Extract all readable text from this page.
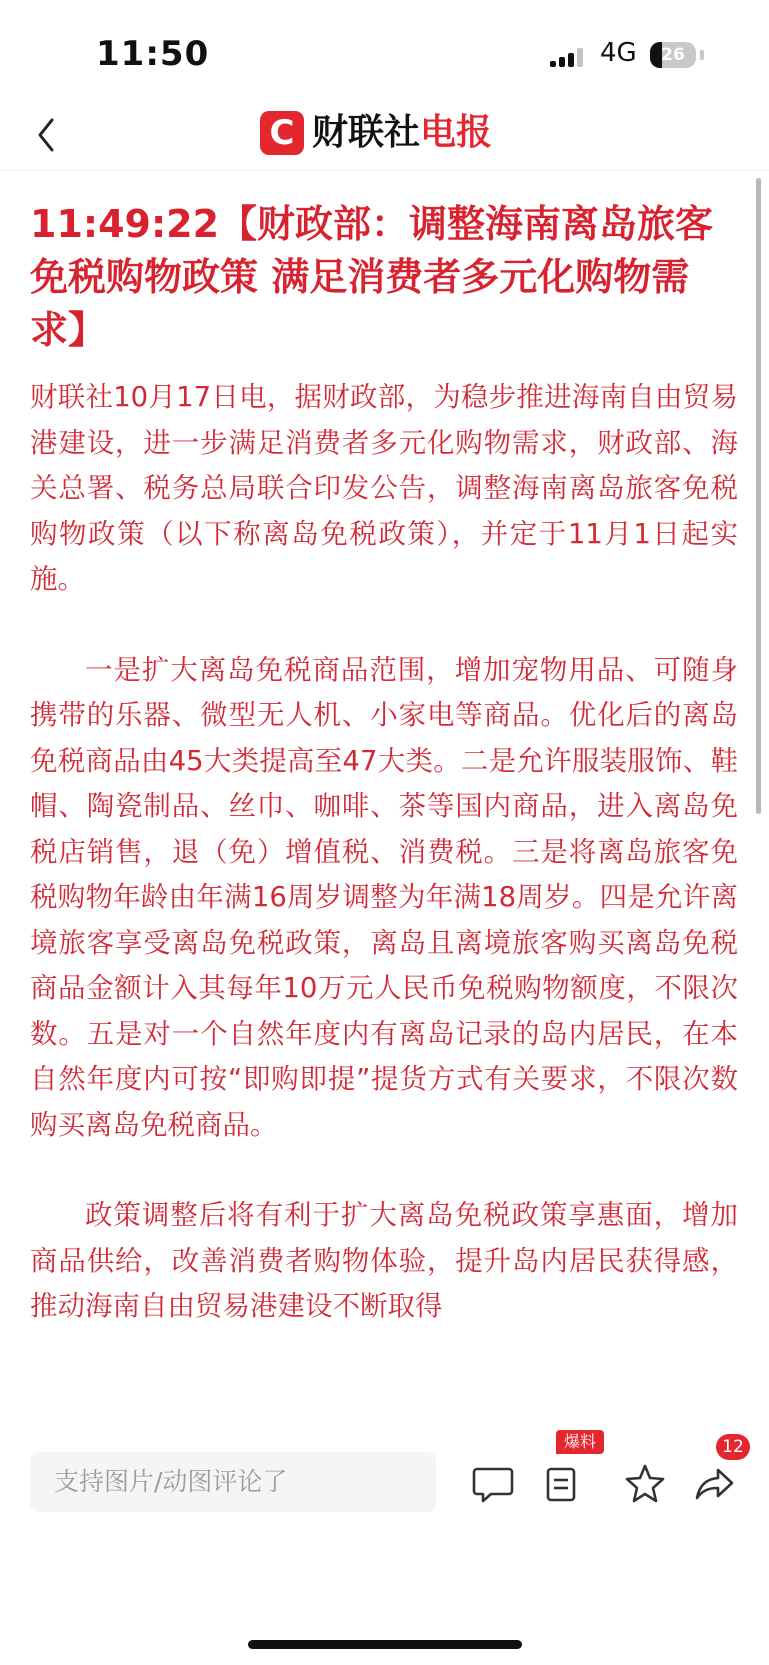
11:50	4G	26
C 财联社电报
11:49:22【财政部：调整海南离岛旅客免税购物政策 满足消费者多元化购物需求】

财联社10月17日电，据财政部，为稳步推进海南自由贸易港建设，进一步满足消费者多元化购物需求，财政部、海关总署、税务总局联合印发公告，调整海南离岛旅客免税购物政策（以下称离岛免税政策），并定于11月1日起实施。

一是扩大离岛免税商品范围，增加宠物用品、可随身携带的乐器、微型无人机、小家电等商品。优化后的离岛免税商品由45大类提高至47大类。二是允许服装服饰、鞋帽、陶瓷制品、丝巾、咖啡、茶等国内商品，进入离岛免税店销售，退（免）增值税、消费税。三是将离岛旅客免税购物年龄由年满16周岁调整为年满18周岁。四是允许离境旅客享受离岛免税政策，离岛且离境旅客购买离岛免税商品金额计入其每年10万元人民币免税购物额度，不限次数。五是对一个自然年度内有离岛记录的岛内居民，在本自然年度内可按“即购即提”提货方式有关要求，不限次数购买离岛免税商品。

政策调整后将有利于扩大离岛免税政策享惠面，增加商品供给，改善消费者购物体验，提升岛内居民获得感，推动海南自由贸易港建设不断取得

支持图片/动图评论了
爆料	12
